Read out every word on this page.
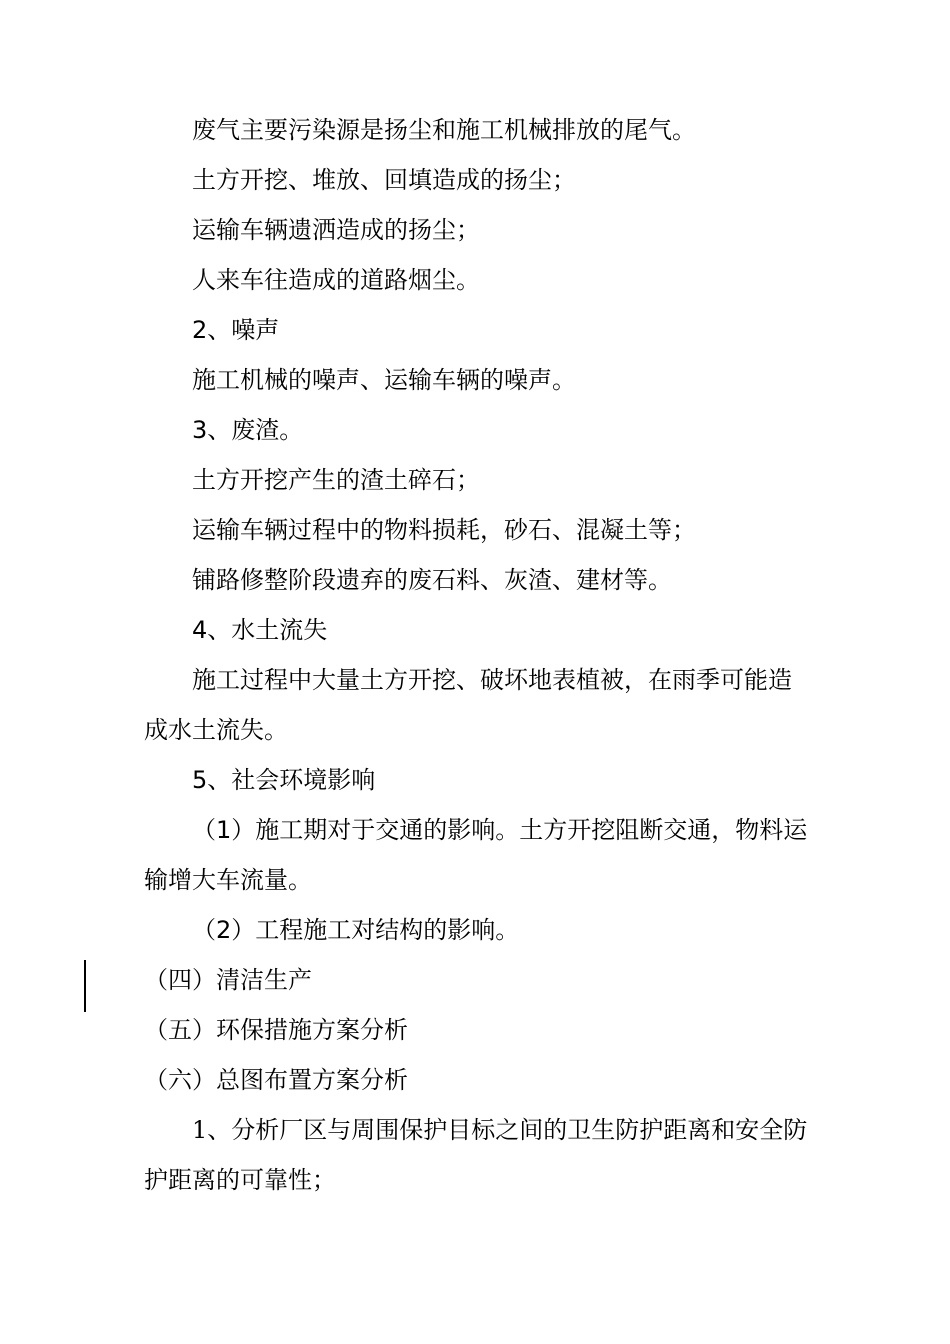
废气主要污染源是扬尘和施工机械排放的尾气。

土方开挖、堆放、回填造成的扬尘；

运输车辆遗洒造成的扬尘；

人来车往造成的道路烟尘。

2、噪声

施工机械的噪声、运输车辆的噪声。

3、废渣。

土方开挖产生的渣土碎石；

运输车辆过程中的物料损耗，砂石、混凝土等；

铺路修整阶段遗弃的废石料、灰渣、建材等。

4、水土流失

施工过程中大量土方开挖、破坏地表植被，在雨季可能造成水土流失。

5、社会环境影响

（1）施工期对于交通的影响。土方开挖阻断交通，物料运输增大车流量。

（2）工程施工对结构的影响。

（四）清洁生产

（五）环保措施方案分析

（六）总图布置方案分析

1、分析厂区与周围保护目标之间的卫生防护距离和安全防护距离的可靠性；
